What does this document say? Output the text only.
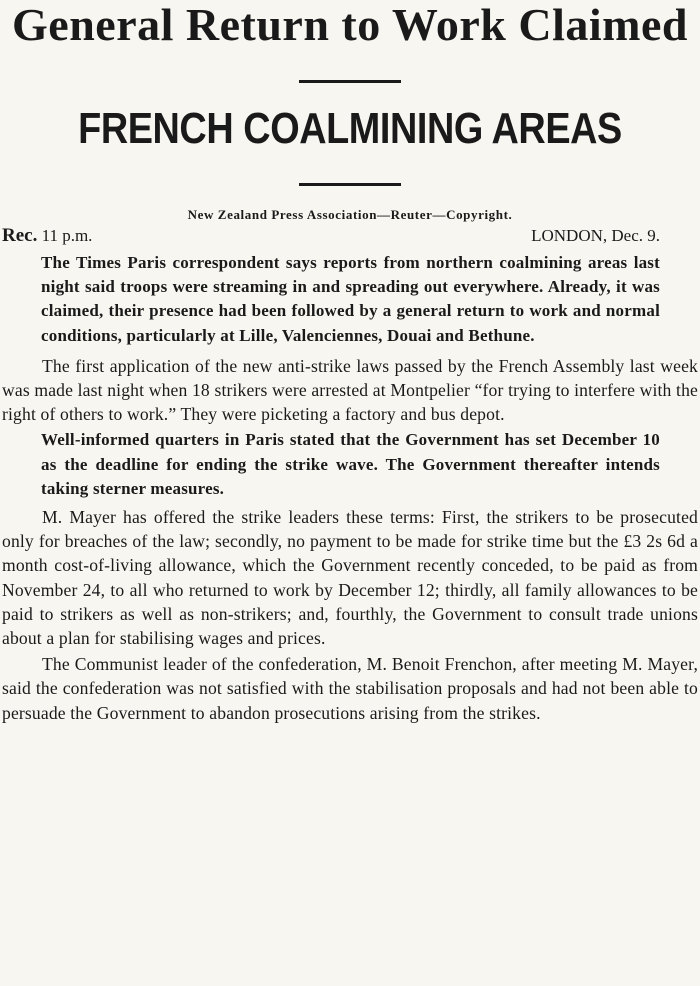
General Return to Work Claimed
FRENCH COALMINING AREAS
New Zealand Press Association—Reuter—Copyright.
Rec. 11 p.m.	LONDON, Dec. 9.

The Times Paris correspondent says reports from northern coalmining areas last night said troops were streaming in and spreading out everywhere. Already, it was claimed, their presence had been followed by a general return to work and normal conditions, particularly at Lille, Valenciennes, Douai and Bethune.

The first application of the new anti-strike laws passed by the French Assembly last week was made last night when 18 strikers were arrested at Montpelier “for trying to interfere with the right of others to work.” They were picketing a factory and bus depot.

Well-informed quarters in Paris stated that the Government has set December 10 as the deadline for ending the strike wave. The Government thereafter intends taking sterner measures.

M. Mayer has offered the strike leaders these terms: First, the strikers to be prosecuted only for breaches of the law; secondly, no payment to be made for strike time but the £3 2s 6d a month cost-of-living allowance, which the Government recently conceded, to be paid as from November 24, to all who returned to work by December 12; thirdly, all family allowances to be paid to strikers as well as non-strikers; and, fourthly, the Government to consult trade unions about a plan for stabilising wages and prices.

The Communist leader of the confederation, M. Benoit Frenchon, after meeting M. Mayer, said the confederation was not satisfied with the stabilisation proposals and had not been able to persuade the Government to abandon prosecutions arising from the strikes.
